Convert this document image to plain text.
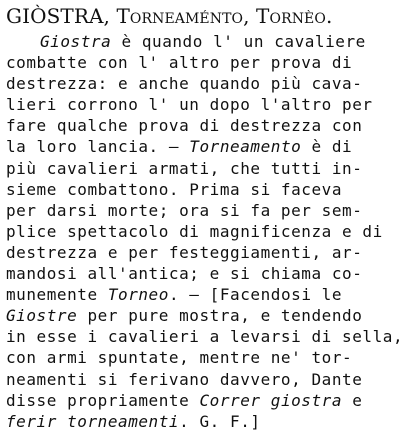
GIÒSTRA, Torneaménto, Tornèo.
Giostra è quando l' un cavaliere
combatte con l' altro per prova di
destrezza: e anche quando più cava-
lieri corrono l' un dopo l'altro per
fare qualche prova di destrezza con
la loro lancia. — Torneamento è di
più cavalieri armati, che tutti in-
sieme combattono. Prima si faceva
per darsi morte; ora si fa per sem-
plice spettacolo di magnificenza e di
destrezza e per festeggiamenti, ar-
mandosi all'antica; e si chiama co-
munemente Torneo. — [Facendosi le
Giostre per pure mostra, e tendendo
in esse i cavalieri a levarsi di sella,
con armi spuntate, mentre ne' tor-
neamenti si ferivano davvero, Dante
disse propriamente Correr giostra e
ferir torneamenti. G. F.]
